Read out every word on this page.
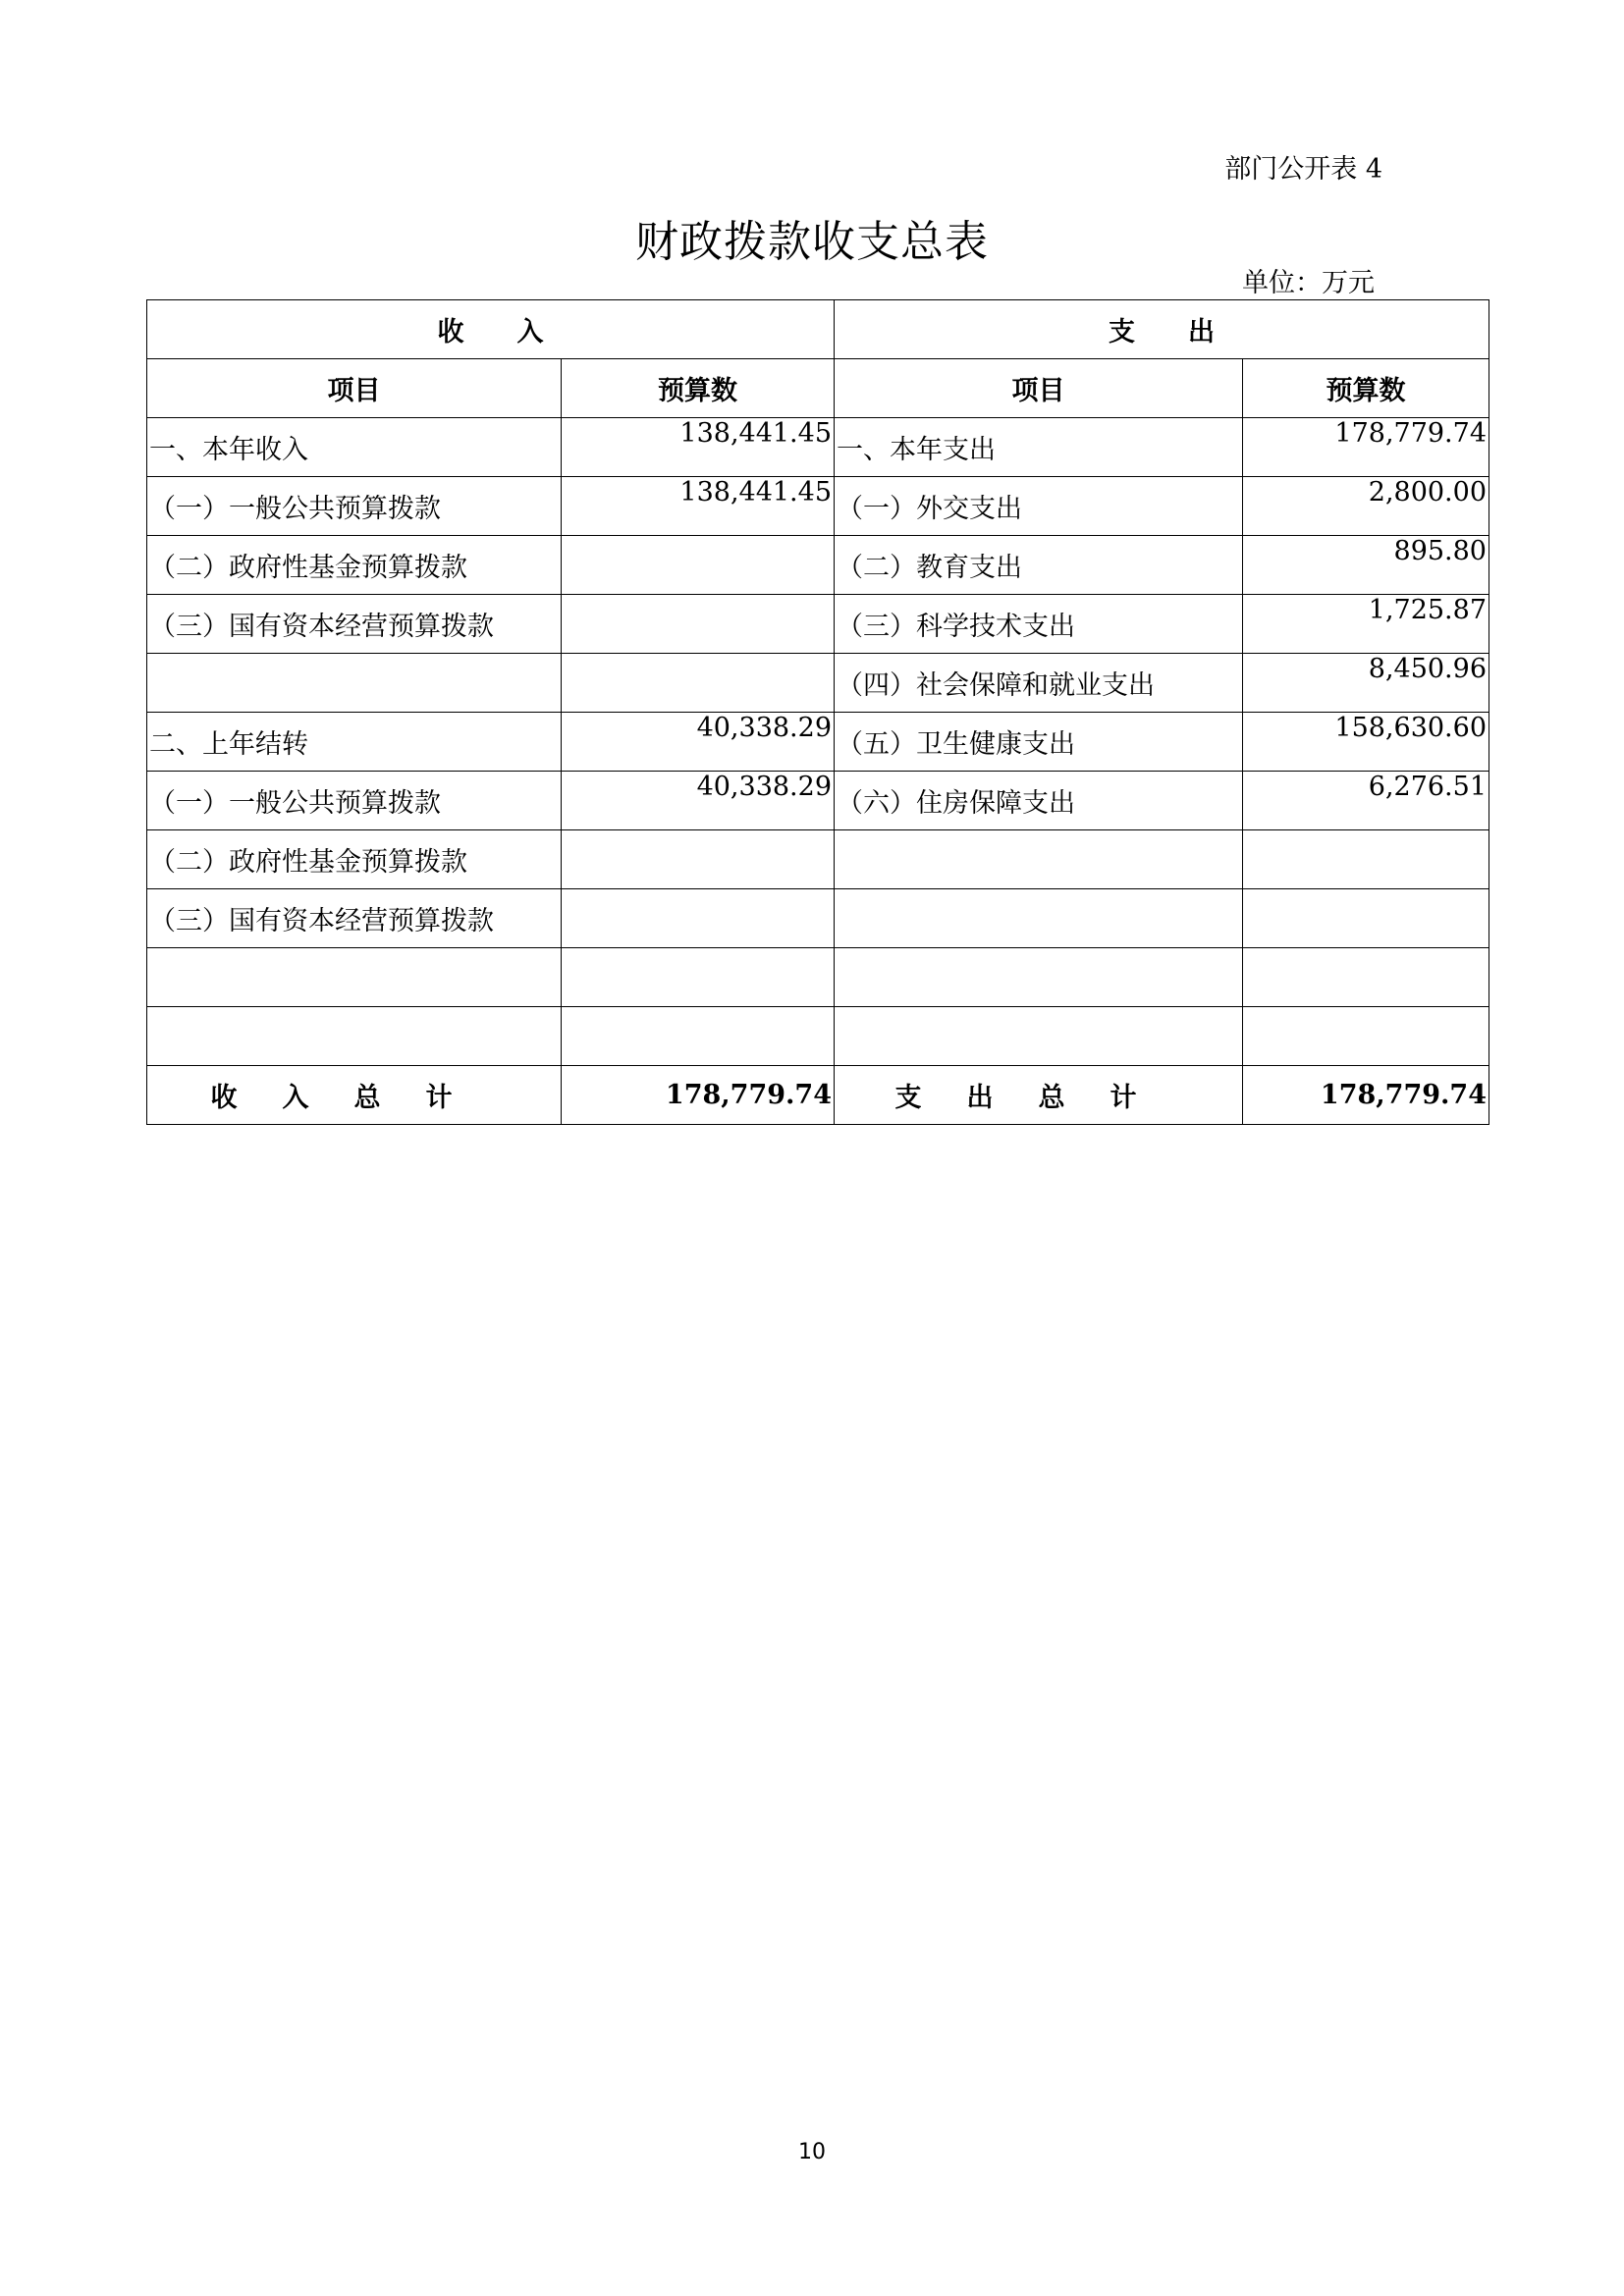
部门公开表 4
财政拨款收支总表
单位：万元
收　　入		支　　出	
项目	预算数	项目	预算数
一、本年收入	138,441.45	一、本年支出	178,779.74
（一）一般公共预算拨款	138,441.45	（一）外交支出	2,800.00
（二）政府性基金预算拨款		（二）教育支出	895.80
（三）国有资本经营预算拨款		（三）科学技术支出	1,725.87
		（四）社会保障和就业支出	8,450.96
二、上年结转	40,338.29	（五）卫生健康支出	158,630.60
（一）一般公共预算拨款	40,338.29	（六）住房保障支出	6,276.51
（二）政府性基金预算拨款			
（三）国有资本经营预算拨款			

收入总计	178,779.74	支出总计	178,779.74
10
